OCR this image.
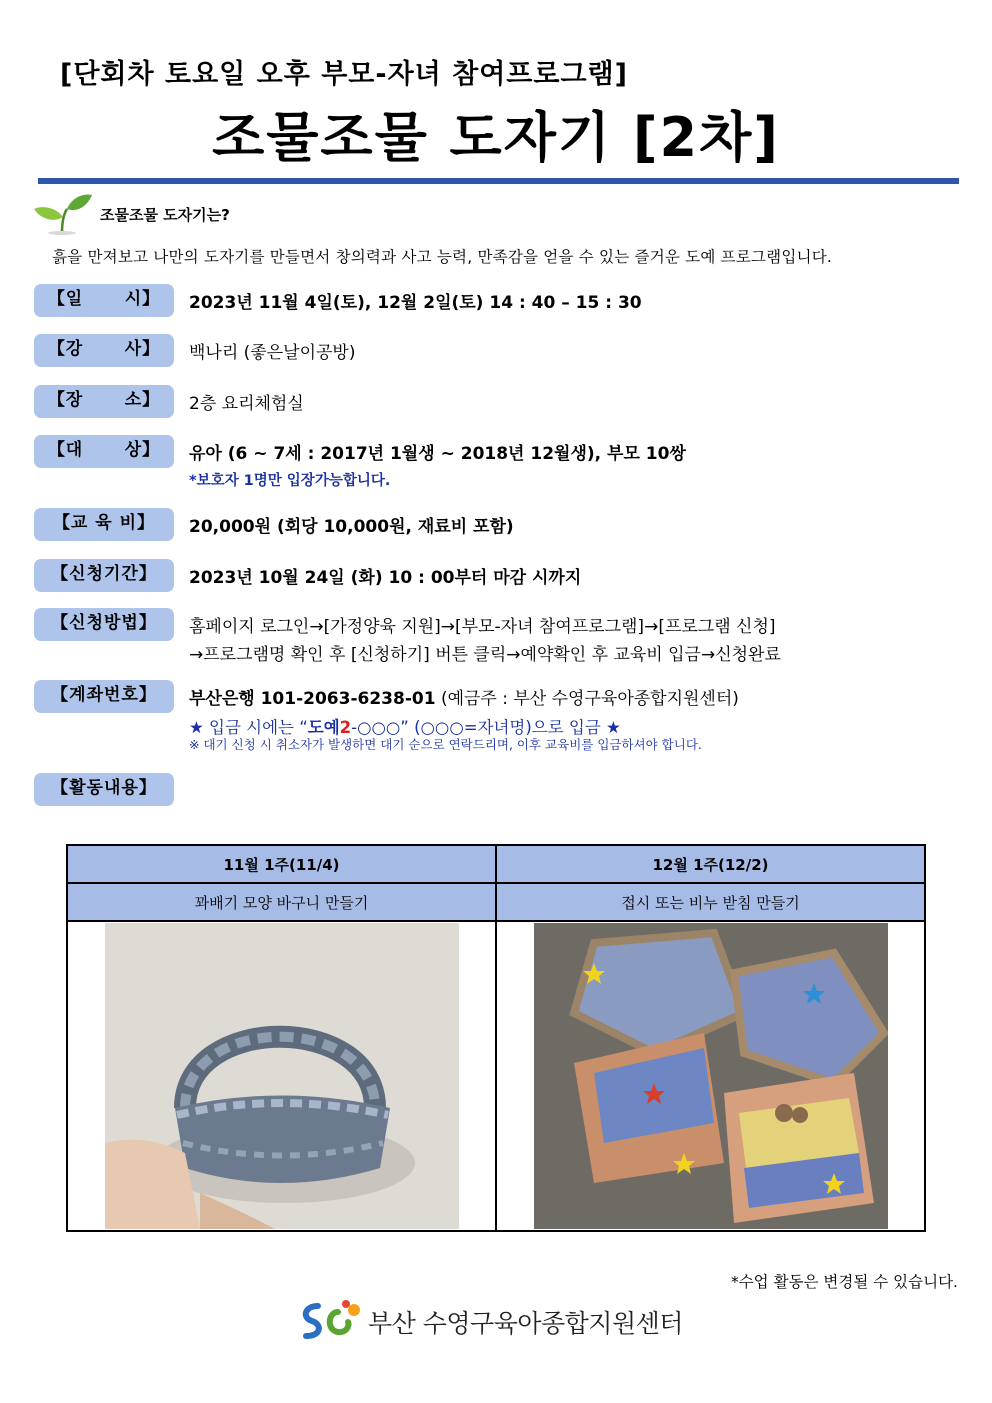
[단회차 토요일 오후 부모-자녀 참여프로그램]
조물조물 도자기 [2차]
조물조물 도자기는?
흙을 만져보고 나만의 도자기를 만들면서 창의력과 사고 능력, 만족감을 얻을 수 있는 즐거운 도예 프로그램입니다.
【일      시】	2023년 11월 4일(토), 12월 2일(토) 14 : 40 – 15 : 30
【강      사】	백나리 (좋은날이공방)
【장      소】	2층 요리체험실
【대      상】	유아 (6 ~ 7세 : 2017년 1월생 ~ 2018년 12월생), 부모 10쌍
*보호자 1명만 입장가능합니다.
【교 육 비】	20,000원 (회당 10,000원, 재료비 포함)
【신청기간】	2023년 10월 24일 (화) 10 : 00부터 마감 시까지
【신청방법】	홈페이지 로그인→[가정양육 지원]→[부모-자녀 참여프로그램]→[프로그램 신청]
→프로그램명 확인 후 [신청하기] 버튼 클릭→예약확인 후 교육비 입금→신청완료
【계좌번호】	부산은행 101-2063-6238-01 (예금주 : 부산 수영구육아종합지원센터)
★ 입금 시에는 “도예2-○○○” (○○○=자녀명)으로 입금 ★
※ 대기 신청 시 취소자가 발생하면 대기 순으로 연락드리며, 이후 교육비를 입금하셔야 합니다.
【활동내용】
11월 1주(11/4)	12월 1주(12/2)
꽈배기 모양 바구니 만들기	접시 또는 비누 받침 만들기

*수업 활동은 변경될 수 있습니다.
부산 수영구육아종합지원센터
